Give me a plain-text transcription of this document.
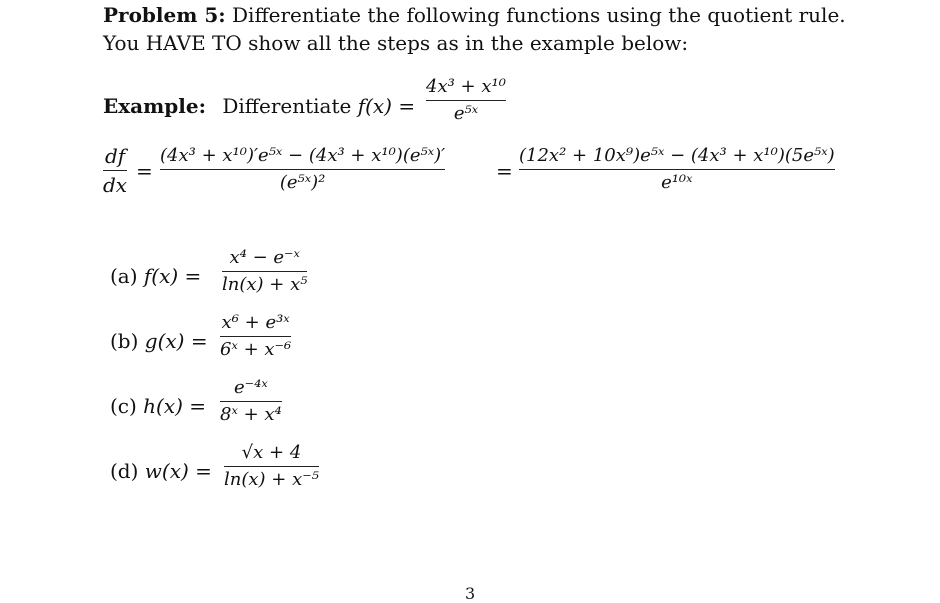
Problem 5: Differentiate the following functions using the quotient rule.
You HAVE TO show all the steps as in the example below:
Example: Differentiate f(x) =
4x³ + x¹⁰
e⁵ˣ
df
dx
=
(4x³ + x¹⁰)′e⁵ˣ − (4x³ + x¹⁰)(e⁵ˣ)′
(e⁵ˣ)²	=
(12x² + 10x⁹)e⁵ˣ − (4x³ + x¹⁰)(5e⁵ˣ)
e¹⁰ˣ
(a) f(x) =
x⁴ − e⁻ˣ
ln(x) + x⁵
(b) g(x) =
x⁶ + e³ˣ
6ˣ + x⁻⁶
(c) h(x) =
e⁻⁴ˣ
8ˣ + x⁴
(d) w(x) =
√x + 4
ln(x) + x⁻⁵
3
